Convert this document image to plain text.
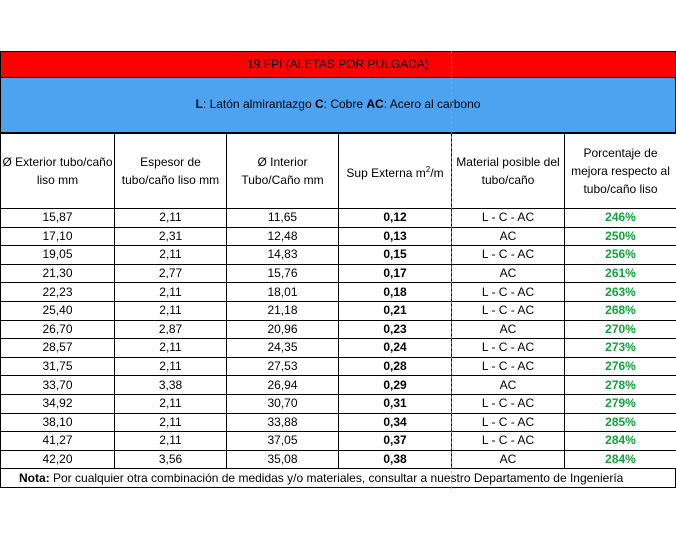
19 FPI (ALETAS POR PULGADA)
L: Latón almirantazgo C: Cobre AC: Acero al carbono
Ø Exterior tubo/caño liso mm	Espesor de tubo/caño liso mm	Ø Interior Tubo/Caño mm	Sup Externa $m^2/m$	Material posible del tubo/caño	Porcentaje de mejora respecto al tubo/caño liso
15,87	2,11	11,65	0,12	L - C - AC	246%
17,10	2,31	12,48	0,13	AC	250%
19,05	2,11	14,83	0,15	L - C - AC	256%
21,30	2,77	15,76	0,17	AC	261%
22,23	2,11	18,01	0,18	L - C - AC	263%
25,40	2,11	21,18	0,21	L - C - AC	268%
26,70	2,87	20,96	0,23	AC	270%
28,57	2,11	24,35	0,24	L - C - AC	273%
31,75	2,11	27,53	0,28	L - C - AC	276%
33,70	3,38	26,94	0,29	AC	278%
34,92	2,11	30,70	0,31	L - C - AC	279%
38,10	2,11	33,88	0,34	L - C - AC	285%
41,27	2,11	37,05	0,37	L - C - AC	284%
42,20	3,56	35,08	0,38	AC	284%
Nota: Por cualquier otra combinación de medidas y/o materiales, consultar a nuestro Departamento de Ingeniería
